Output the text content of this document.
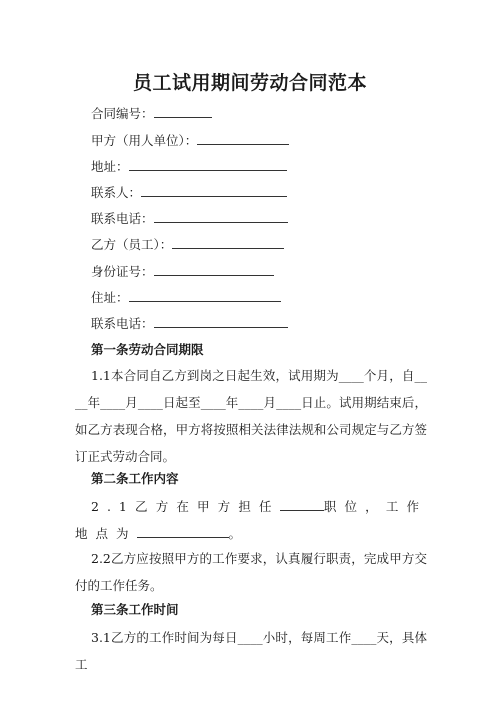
员工试用期间劳动合同范本
合同编号：
甲方（用人单位）：
地址：
联系人：
联系电话：
乙方（员工）：
身份证号：
住址：
联系电话：
第一条劳动合同期限
1.1本合同自乙方到岗之日起生效，试用期为____个月，自____年____月____日起至____年____月____日止。试用期结束后，如乙方表现合格，甲方将按照相关法律法规和公司规定与乙方签订正式劳动合同。
第二条工作内容
2.1乙方在甲方担任	职位，工作地点为	。
2.2乙方应按照甲方的工作要求，认真履行职责，完成甲方交付的工作任务。
第三条工作时间
3.1乙方的工作时间为每日____小时，每周工作____天，具体工
